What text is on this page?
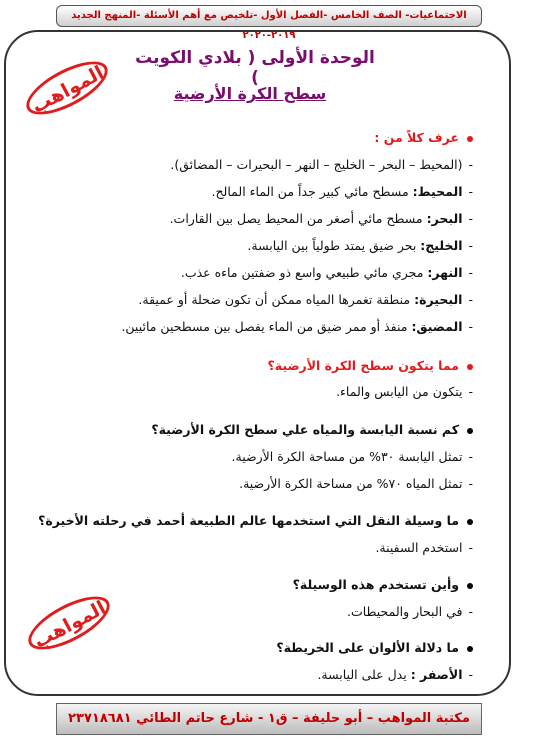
الاجتماعيات- الصف الخامس -الفصل الأول -تلخيص مع أهم الأسئلة -المنهج الجديد ٢٠١٩-٢٠٢٠
المواهب
المواهب
الوحدة الأولى ( بلادي الكويت )
سطح الكرة الأرضية
عرف كلاً من :
-(المحيط – البحر – الخليج – النهر – البحيرات – المضائق).
-المحيط: مسطح مائي كبير جداً من الماء المالح.
-البحر: مسطح مائي أصغر من المحيط يصل بين القارات.
-الخليج: بحر ضيق يمتد طولياً بين اليابسة.
-النهر: مجري مائي طبيعي واسع ذو ضفتين ماءه عذب.
-البحيرة: منطقة تغمرها المياه ممكن أن تكون ضحلة أو عميقة.
-المضيق: منفذ أو ممر ضيق من الماء يفصل بين مسطحين مائيين.
مما يتكون سطح الكرة الأرضية؟
-يتكون من اليابس والماء.
كم نسبة اليابسة والمياه علي سطح الكرة الأرضية؟
-تمثل اليابسة ٣٠% من مساحة الكرة الأرضية.
-تمثل المياه ٧٠% من مساحة الكرة الأرضية.
ما وسيلة النقل التي استخدمها عالم الطبيعة أحمد في رحلته الأخيرة؟
-استخدم السفينة.
وأين تستخدم هذه الوسيلة؟
-في البحار والمحيطات.
ما دلالة الألوان على الخريطة؟
-الأصفر : يدل على اليابسة.
مكتبة المواهب – أبو حليفة – ق١ - شارع حاتم الطائي ٢٣٧١٨٦٨١
